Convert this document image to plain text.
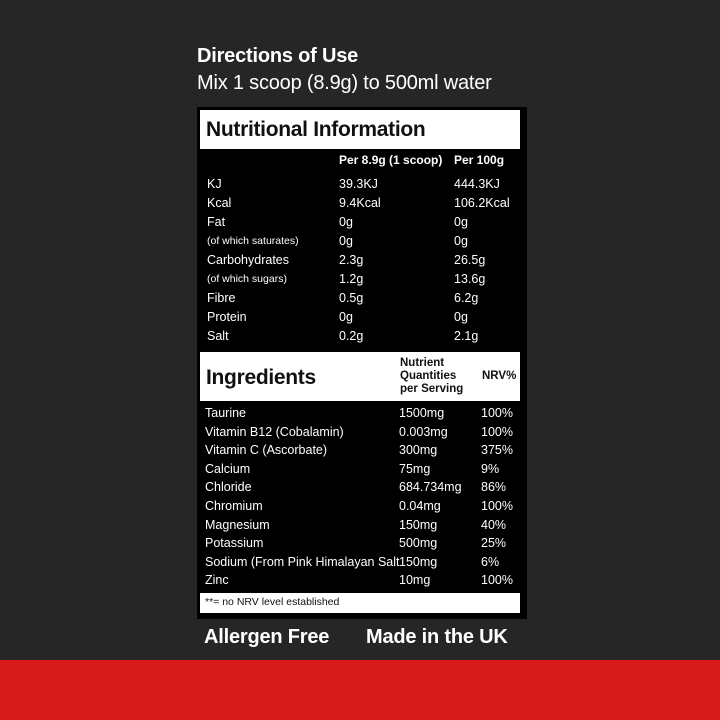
Directions of Use
Mix 1 scoop (8.9g) to 500ml water
Nutritional Information
Per 8.9g (1 scoop) Per 100g
KJ	39.3KJ	444.3KJ
Kcal	9.4Kcal	106.2Kcal
Fat	0g	0g
(of which saturates)	0g	0g
Carbohydrates	2.3g	26.5g
(of which sugars)	1.2g	13.6g
Fibre	0.5g	6.2g
Protein	0g	0g
Salt	0.2g	2.1g
Ingredients
Nutrient
Quantities
per Serving
NRV%
Taurine	1500mg	100%
Vitamin B12 (Cobalamin)	0.003mg	100%
Vitamin C (Ascorbate)	300mg	375%
Calcium	75mg	9%
Chloride	684.734mg 86%
Chromium	0.04mg	100%
Magnesium	150mg	40%
Potassium	500mg	25%
Sodium (From Pink Himalayan Salt 150mg	6%
Zinc	10mg	100%
**= no NRV level established
Allergen Free Made in the UK
